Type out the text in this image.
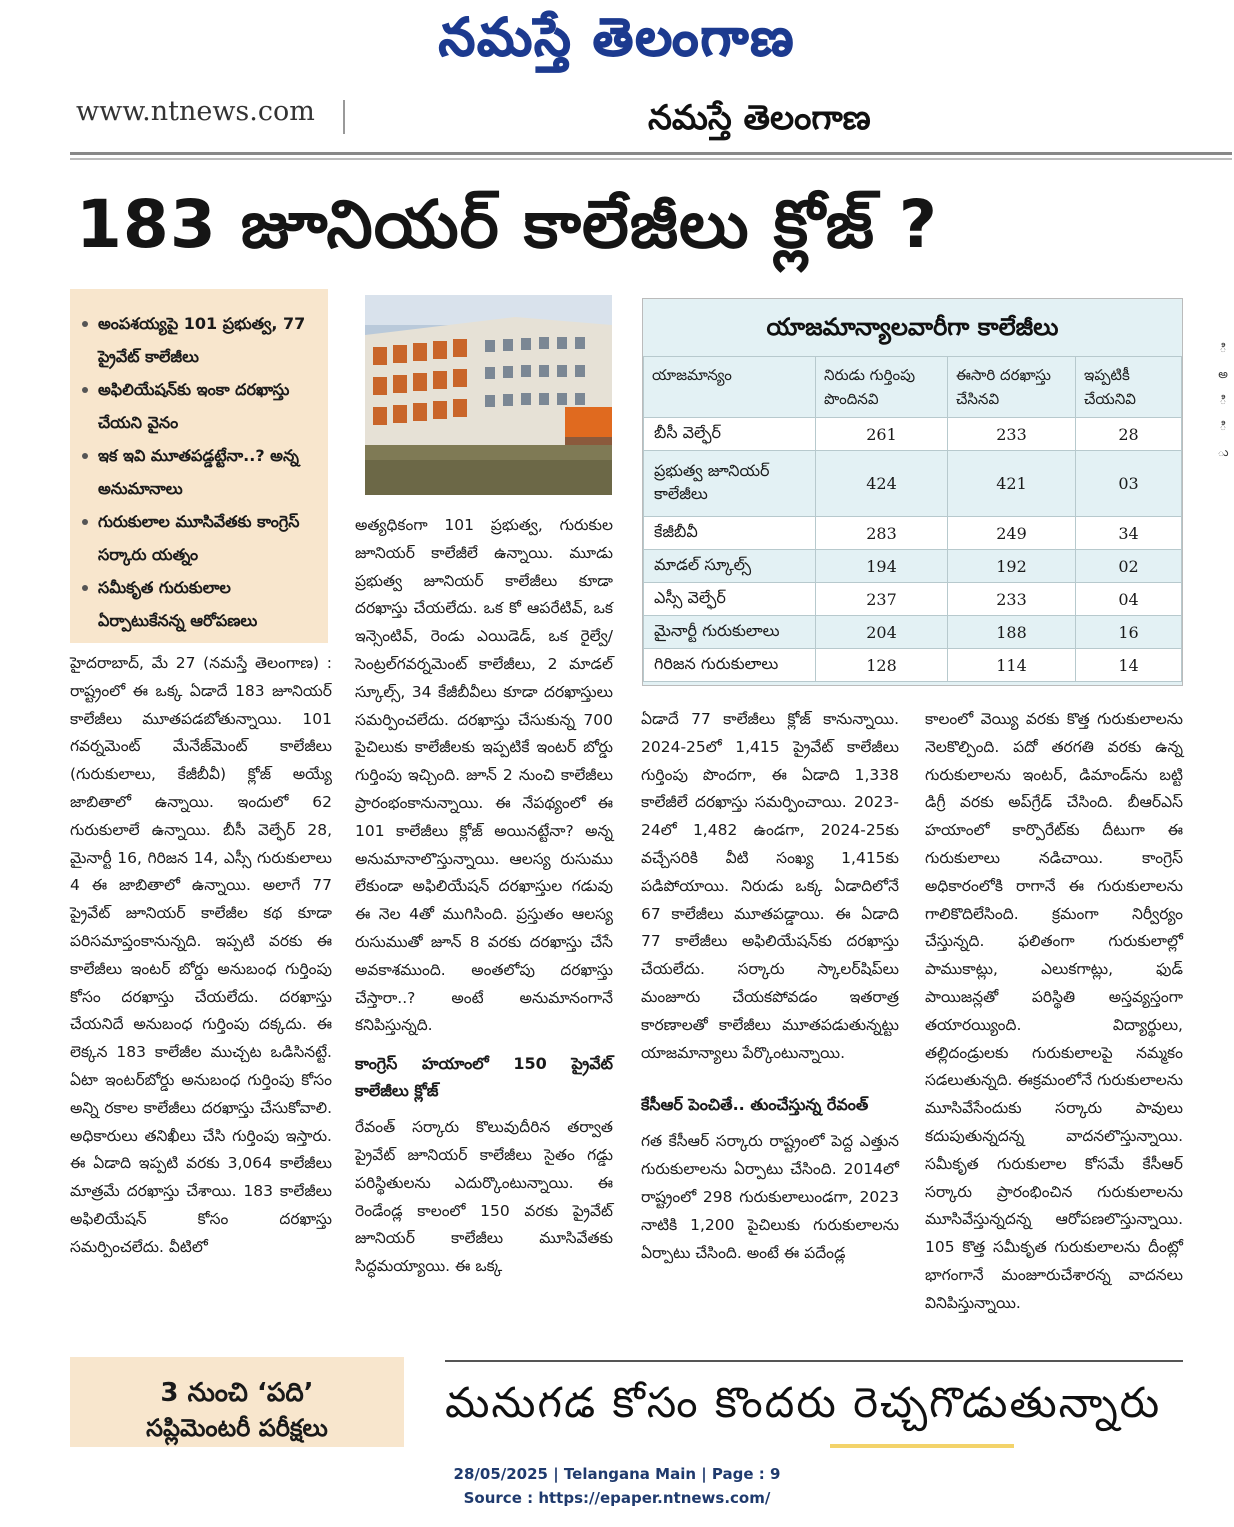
నమస్తే తెలంగాణ
www.ntnews.com	నమస్తే తెలంగాణ
183 జూనియర్‌ కాలేజీలు క్లోజ్‌ ?
అంపశయ్యపై 101 ప్రభుత్వ, 77 ప్రైవేట్‌ కాలేజీలు
అఫిలియేషన్‌కు ఇంకా దరఖాస్తు చేయని వైనం
ఇక ఇవి మూతపడ్డట్టేనా..? అన్న అనుమానాలు
గురుకులాల మూసివేతకు కాంగ్రెస్‌ సర్కారు యత్నం
సమీకృత గురుకులాల ఏర్పాటుకేనన్న ఆరోపణలు
యాజమాన్యాలవారీగా కాలేజీలు
యాజమాన్యం	నిరుడు గుర్తింపు పొందినవి	ఈసారి దరఖాస్తు చేసినవి	ఇప్పటికీ చేయనివి
బీసీ వెల్ఫేర్‌	261	233	28
ప్రభుత్వ జూనియర్‌ కాలేజీలు	424	421	03
కేజీబీవీ	283	249	34
మాడల్‌ స్కూల్స్‌	194	192	02
ఎస్సీ వెల్ఫేర్‌	237	233	04
మైనార్టీ గురుకులాలు	204	188	16
గిరిజన గురుకులాలు	128	114	14
ి
అ
ి
ి
ు

హైదరాబాద్‌, మే 27 (నమస్తే తెలంగాణ) : రాష్ట్రంలో ఈ ఒక్క ఏడాదే 183 జూనియర్‌ కాలేజీలు మూతపడబోతున్నాయి. 101 గవర్నమెంట్‌ మేనేజ్‌మెంట్‌ కాలేజీలు (గురుకులాలు, కేజీబీవీ) క్లోజ్‌ అయ్యే జాబితాలో ఉన్నాయి. ఇందులో 62 గురుకులాలే ఉన్నాయి. బీసీ వెల్ఫేర్‌ 28, మైనార్టీ 16, గిరిజన 14, ఎస్సీ గురుకులాలు 4 ఈ జాబితాలో ఉన్నాయి. అలాగే 77 ప్రైవేట్‌ జూనియర్‌ కాలేజీల కథ కూడా పరిసమాప్తంకానున్నది. ఇప్పటి వరకు ఈ కాలేజీలు ఇంటర్‌ బోర్డు అనుబంధ గుర్తింపు కోసం దరఖాస్తు చేయలేదు. దరఖాస్తు చేయనిదే అనుబంధ గుర్తింపు దక్కదు. ఈ లెక్కన 183 కాలేజీల ముచ్చట ఒడిసినట్టే. ఏటా ఇంటర్‌బోర్డు అనుబంధ గుర్తింపు కోసం అన్ని రకాల కాలేజీలు దరఖాస్తు చేసుకోవాలి. అధికారులు తనిఖీలు చేసి గుర్తింపు ఇస్తారు. ఈ ఏడాది ఇప్పటి వరకు 3,064 కాలేజీలు మాత్రమే దరఖాస్తు చేశాయి. 183 కాలేజీలు అఫిలియేషన్‌ కోసం దరఖాస్తు సమర్పించలేదు. వీటిలో

అత్యధికంగా 101 ప్రభుత్వ, గురుకుల జూనియర్‌ కాలేజీలే ఉన్నాయి. మూడు ప్రభుత్వ జూనియర్‌ కాలేజీలు కూడా దరఖాస్తు చేయలేదు. ఒక కో ఆపరేటివ్‌, ఒక ఇన్సెంటివ్‌, రెండు ఎయిడెడ్‌, ఒక రైల్వే/సెంట్రల్‌గవర్నమెంట్‌ కాలేజీలు, 2 మాడల్‌ స్కూల్స్‌, 34 కేజీబీవీలు కూడా దరఖాస్తులు సమర్పించలేదు. దరఖాస్తు చేసుకున్న 700 పైచిలుకు కాలేజీలకు ఇప్పటికే ఇంటర్‌ బోర్డు గుర్తింపు ఇచ్చింది. జూన్‌ 2 నుంచి కాలేజీలు ప్రారంభంకానున్నాయి. ఈ నేపథ్యంలో ఈ 101 కాలేజీలు క్లోజ్‌ అయినట్టేనా? అన్న అనుమానాలొస్తున్నాయి. ఆలస్య రుసుము లేకుండా అఫిలియేషన్‌ దరఖాస్తుల గడువు ఈ నెల 4తో ముగిసింది. ప్రస్తుతం ఆలస్య రుసుముతో జూన్‌ 8 వరకు దరఖాస్తు చేసే అవకాశముంది. అంతలోపు దరఖాస్తు చేస్తారా..? అంటే అనుమానంగానే కనిపిస్తున్నది.

కాంగ్రెస్‌ హయాంలో 150 ప్రైవేట్‌ కాలేజీలు క్లోజ్‌

రేవంత్‌ సర్కారు కొలువుదీరిన తర్వాత ప్రైవేట్‌ జూనియర్‌ కాలేజీలు సైతం గడ్డు పరిస్థితులను ఎదుర్కొంటున్నాయి. ఈ రెండేండ్ల కాలంలో 150 వరకు ప్రైవేట్‌ జూనియర్‌ కాలేజీలు మూసివేతకు సిద్ధమయ్యాయి. ఈ ఒక్క

ఏడాదే 77 కాలేజీలు క్లోజ్‌ కానున్నాయి. 2024-25లో 1,415 ప్రైవేట్‌ కాలేజీలు గుర్తింపు పొందగా, ఈ ఏడాది 1,338 కాలేజీలే దరఖాస్తు సమర్పించాయి. 2023-24లో 1,482 ఉండగా, 2024-25కు వచ్చేసరికి వీటి సంఖ్య 1,415కు పడిపోయాయి. నిరుడు ఒక్క ఏడాదిలోనే 67 కాలేజీలు మూతపడ్డాయి. ఈ ఏడాది 77 కాలేజీలు అఫిలియేషన్‌కు దరఖాస్తు చేయలేదు. సర్కారు స్కాలర్‌షిప్‌లు మంజూరు చేయకపోవడం ఇతరాత్ర కారణాలతో కాలేజీలు మూతపడుతున్నట్టు యాజమాన్యాలు పేర్కొంటున్నాయి.

కేసీఆర్‌ పెంచితే.. తుంచేస్తున్న రేవంత్‌

గత కేసీఆర్‌ సర్కారు రాష్ట్రంలో పెద్ద ఎత్తున గురుకులాలను ఏర్పాటు చేసింది. 2014లో రాష్ట్రంలో 298 గురుకులాలుండగా, 2023 నాటికి 1,200 పైచిలుకు గురుకులాలను ఏర్పాటు చేసింది. అంటే ఈ పదేండ్ల

కాలంలో వెయ్యి వరకు కొత్త గురుకులాలను నెలకొల్పింది. పదో తరగతి వరకు ఉన్న గురుకులాలను ఇంటర్‌, డిమాండ్‌ను బట్టి డిగ్రీ వరకు అప్‌గ్రేడ్‌ చేసింది. బీఆర్‌ఎస్‌ హయాంలో కార్పొరేట్‌కు దీటుగా ఈ గురుకులాలు నడిచాయి. కాంగ్రెస్‌ అధికారంలోకి రాగానే ఈ గురుకులాలను గాలికొదిలేసింది. క్రమంగా నిర్వీర్యం చేస్తున్నది. ఫలితంగా గురుకులాల్లో పాముకాట్లు, ఎలుకగాట్లు, ఫుడ్‌ పాయిజన్లతో పరిస్థితి అస్తవ్యస్తంగా తయారయ్యింది. విద్యార్థులు, తల్లిదండ్రులకు గురుకులాలపై నమ్మకం సడలుతున్నది. ఈక్రమంలోనే గురుకులాలను మూసివేసేందుకు సర్కారు పావులు కదుపుతున్నదన్న వాదనలొస్తున్నాయి. సమీకృత గురుకులాల కోసమే కేసీఆర్‌ సర్కారు ప్రారంభించిన గురుకులాలను మూసివేస్తున్నదన్న ఆరోపణలొస్తున్నాయి. 105 కొత్త సమీకృత గురుకులాలను దీంట్లో భాగంగానే మంజూరుచేశారన్న వాదనలు వినిపిస్తున్నాయి.

3 నుంచి ‘పది’
సప్లిమెంటరీ పరీక్షలు
మనుగడ కోసం కొందరు రెచ్చగొడుతున్నారు
28/05/2025 | Telangana Main | Page : 9
Source : https://epaper.ntnews.com/
